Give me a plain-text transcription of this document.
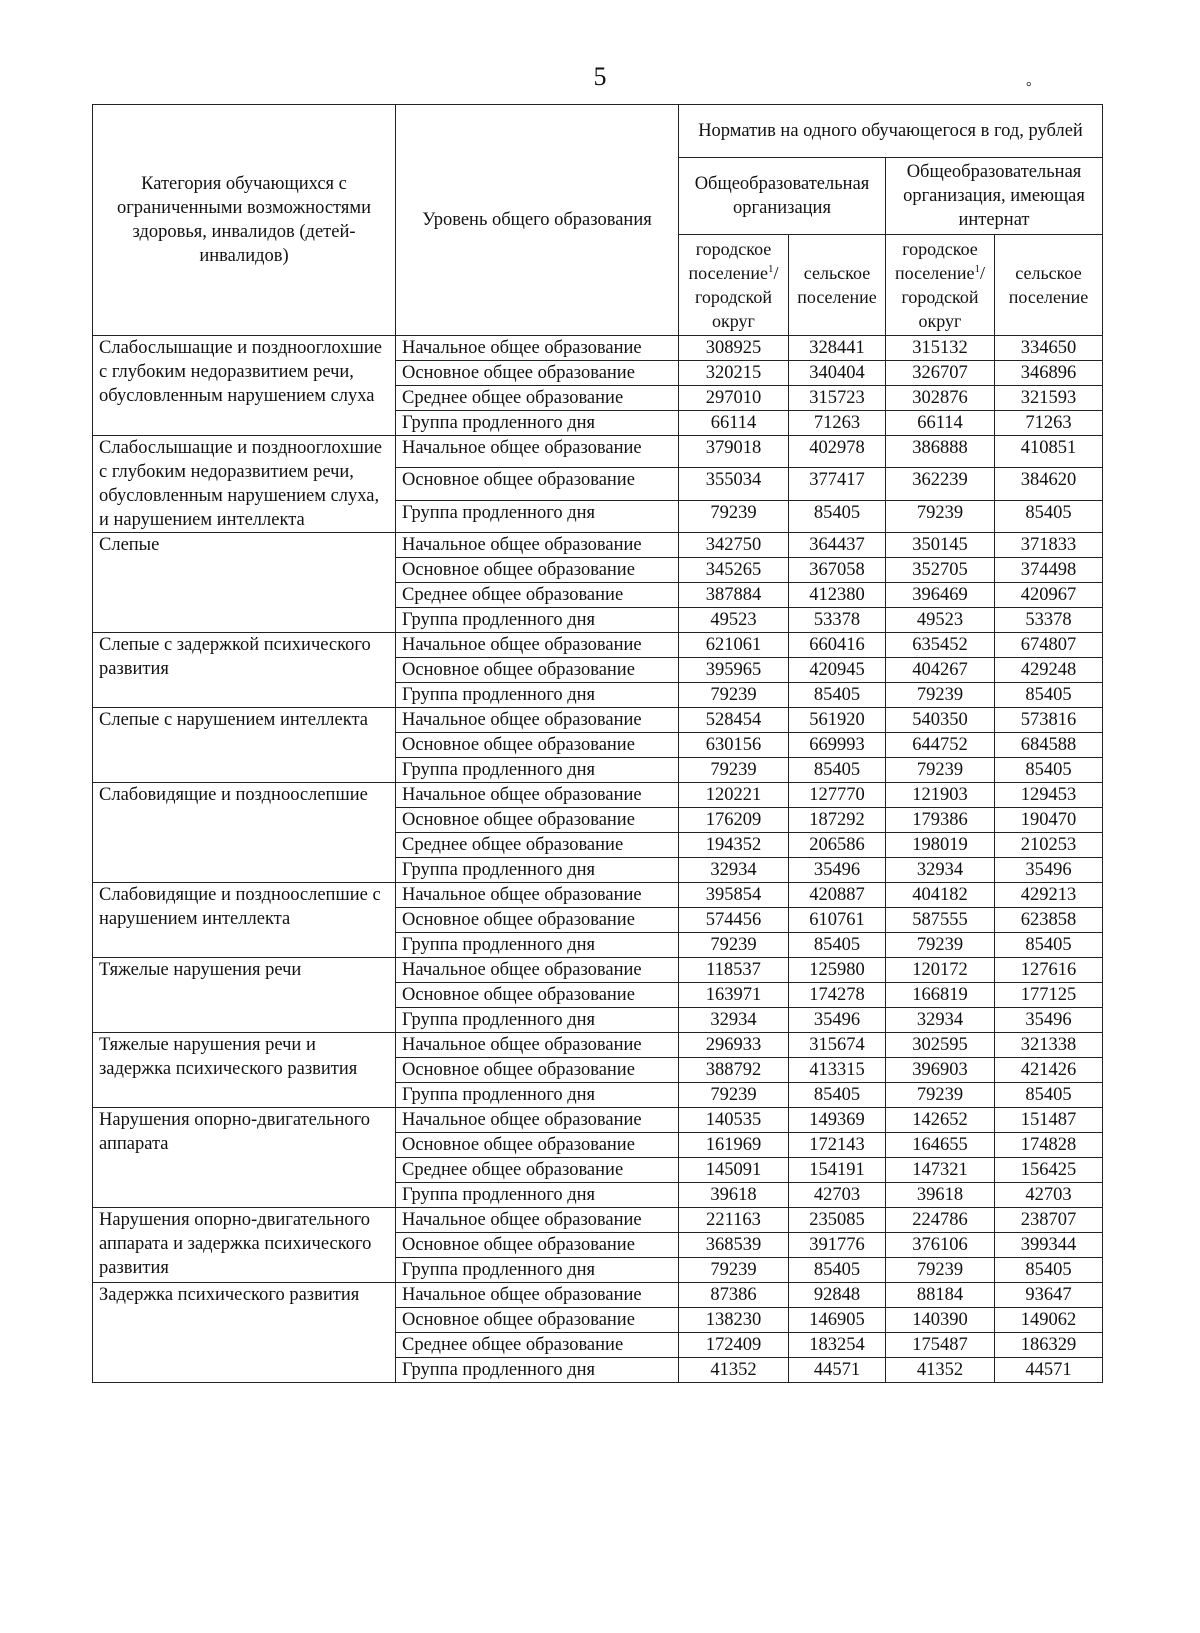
5	°
Категория обучающихся с ограниченными возможностями здоровья, инвалидов (детей-инвалидов)	Уровень общего образования	Норматив на одного обучающегося в год, рублей			
		Общеобразовательная организация		Общеобразовательная организация, имеющая интернат	
		городское поселение$^1$/ городской округ	сельское поселение	городское поселение$^1$/ городской округ	сельское поселение
Слабослышащие и позднооглохшие с глубоким недоразвитием речи, обусловленным нарушением слуха	Начальное общее образование	308925	328441	315132	334650
	Основное общее образование	320215	340404	326707	346896
	Среднее общее образование	297010	315723	302876	321593
	Группа продленного дня	66114	71263	66114	71263
Слабослышащие и позднооглохшие с глубоким недоразвитием речи, обусловленным нарушением слуха, и нарушением интеллекта	Начальное общее образование	379018	402978	386888	410851
	Основное общее образование	355034	377417	362239	384620
	Группа продленного дня	79239	85405	79239	85405
Слепые	Начальное общее образование	342750	364437	350145	371833
	Основное общее образование	345265	367058	352705	374498
	Среднее общее образование	387884	412380	396469	420967
	Группа продленного дня	49523	53378	49523	53378
Слепые с задержкой психического развития	Начальное общее образование	621061	660416	635452	674807
	Основное общее образование	395965	420945	404267	429248
	Группа продленного дня	79239	85405	79239	85405
Слепые с нарушением интеллекта	Начальное общее образование	528454	561920	540350	573816
	Основное общее образование	630156	669993	644752	684588
	Группа продленного дня	79239	85405	79239	85405
Слабовидящие и поздноослепшие	Начальное общее образование	120221	127770	121903	129453
	Основное общее образование	176209	187292	179386	190470
	Среднее общее образование	194352	206586	198019	210253
	Группа продленного дня	32934	35496	32934	35496
Слабовидящие и поздноослепшие с нарушением интеллекта	Начальное общее образование	395854	420887	404182	429213
	Основное общее образование	574456	610761	587555	623858
	Группа продленного дня	79239	85405	79239	85405
Тяжелые нарушения речи	Начальное общее образование	118537	125980	120172	127616
	Основное общее образование	163971	174278	166819	177125
	Группа продленного дня	32934	35496	32934	35496
Тяжелые нарушения речи и задержка психического развития	Начальное общее образование	296933	315674	302595	321338
	Основное общее образование	388792	413315	396903	421426
	Группа продленного дня	79239	85405	79239	85405
Нарушения опорно-двигательного аппарата	Начальное общее образование	140535	149369	142652	151487
	Основное общее образование	161969	172143	164655	174828
	Среднее общее образование	145091	154191	147321	156425
	Группа продленного дня	39618	42703	39618	42703
Нарушения опорно-двигательного аппарата и задержка психического развития	Начальное общее образование	221163	235085	224786	238707
	Основное общее образование	368539	391776	376106	399344
	Группа продленного дня	79239	85405	79239	85405
Задержка психического развития	Начальное общее образование	87386	92848	88184	93647
	Основное общее образование	138230	146905	140390	149062
	Среднее общее образование	172409	183254	175487	186329
	Группа продленного дня	41352	44571	41352	44571
